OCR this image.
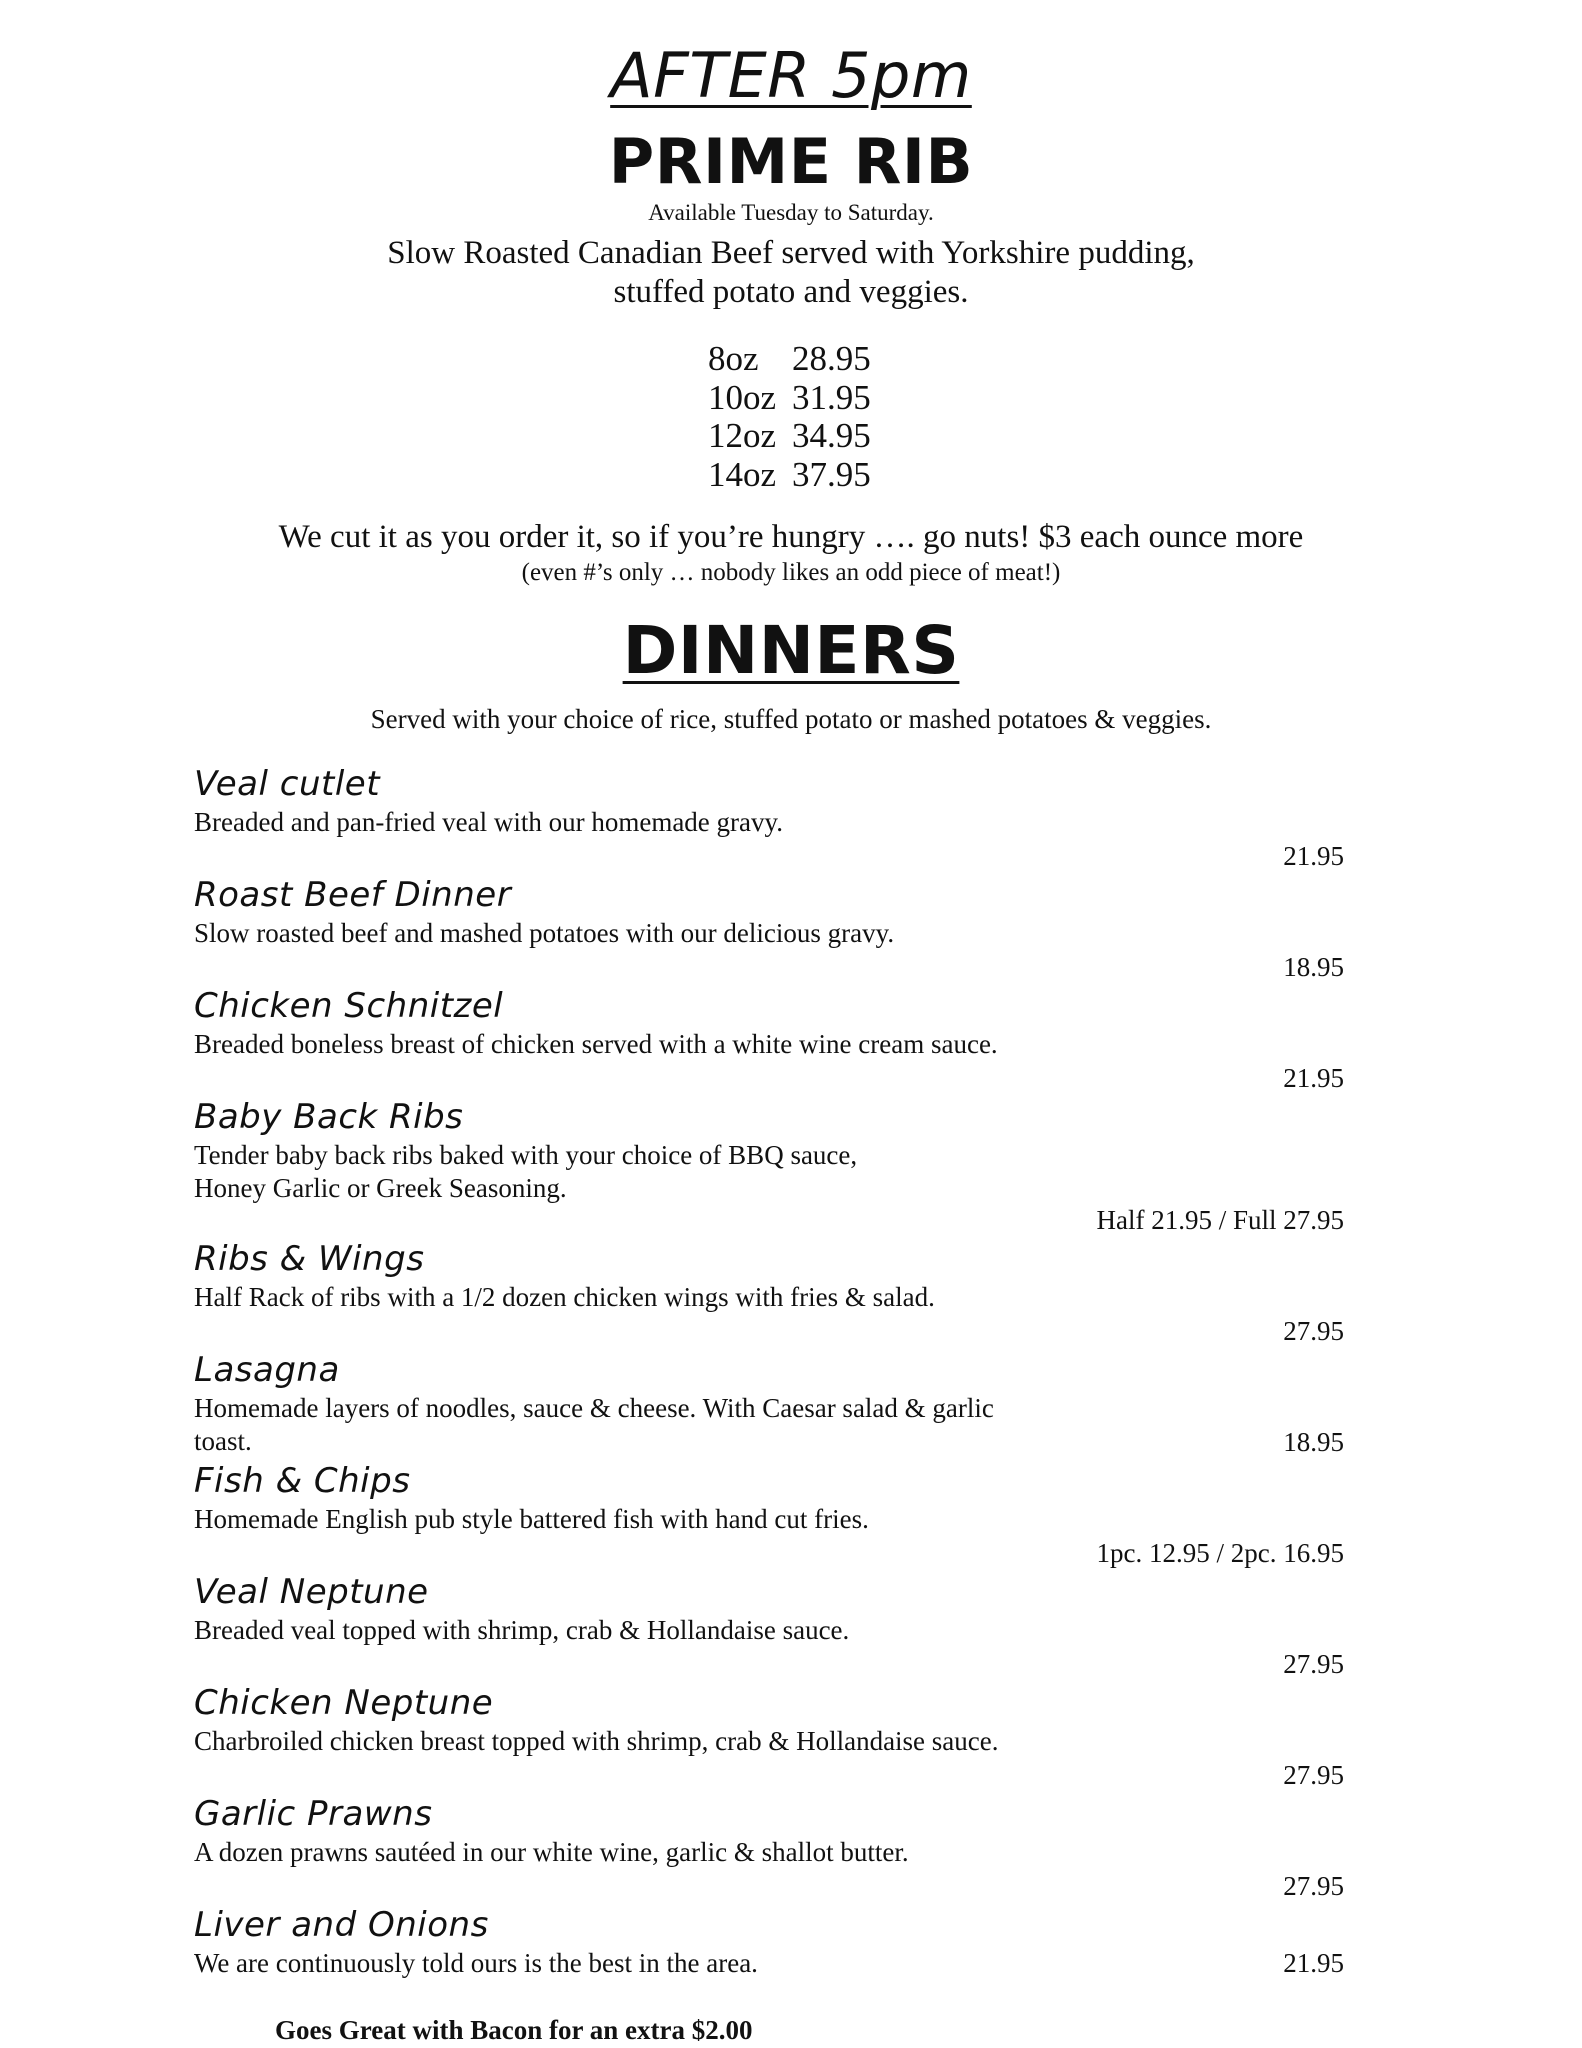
AFTER 5pm
PRIME RIB
Available Tuesday to Saturday.
Slow Roasted Canadian Beef served with Yorkshire pudding,
stuffed potato and veggies.
8oz 28.95
10oz 31.95
12oz 34.95
14oz 37.95
We cut it as you order it, so if you’re hungry …. go nuts! $3 each ounce more
(even #’s only … nobody likes an odd piece of meat!)
DINNERS
Served with your choice of rice, stuffed potato or mashed potatoes & veggies.
Veal cutlet
Breaded and pan-fried veal with our homemade gravy.
21.95
Roast Beef Dinner
Slow roasted beef and mashed potatoes with our delicious gravy.
18.95
Chicken Schnitzel
Breaded boneless breast of chicken served with a white wine cream sauce.
21.95
Baby Back Ribs
Tender baby back ribs baked with your choice of BBQ sauce,
Honey Garlic or Greek Seasoning.
Half 21.95 / Full 27.95
Ribs & Wings
Half Rack of ribs with a 1/2 dozen chicken wings with fries & salad.
27.95
Lasagna
Homemade layers of noodles, sauce & cheese. With Caesar salad & garlic toast.	18.95
Fish & Chips
Homemade English pub style battered fish with hand cut fries.
1pc. 12.95 / 2pc. 16.95
Veal Neptune
Breaded veal topped with shrimp, crab & Hollandaise sauce.
27.95
Chicken Neptune
Charbroiled chicken breast topped with shrimp, crab & Hollandaise sauce.
27.95
Garlic Prawns
A dozen prawns sautéed in our white wine, garlic & shallot butter.
27.95
Liver and Onions
We are continuously told ours is the best in the area.	21.95
Goes Great with Bacon for an extra $2.00
